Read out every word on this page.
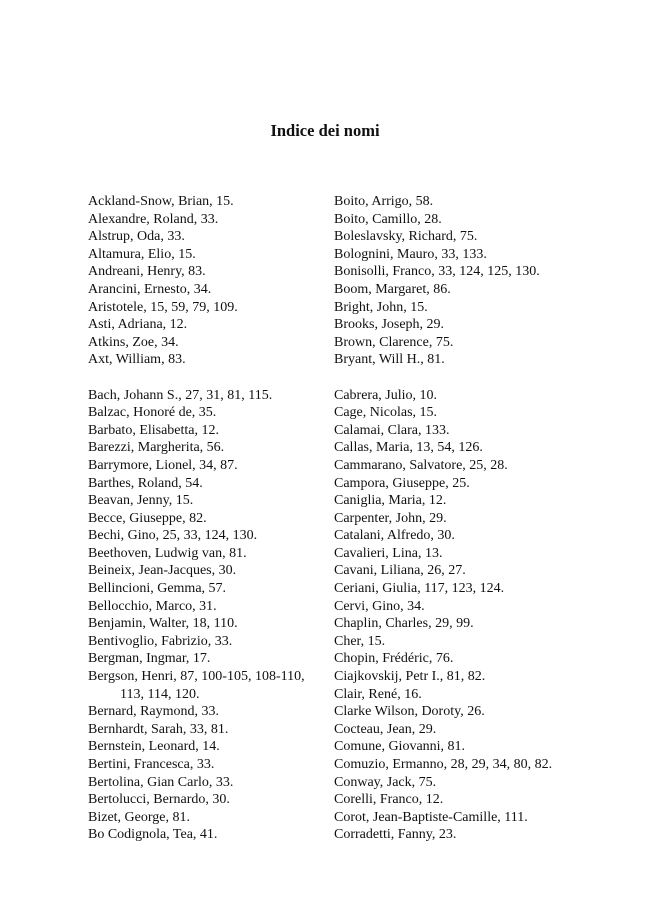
Indice dei nomi
Ackland-Snow, Brian, 15.
Alexandre, Roland, 33.
Alstrup, Oda, 33.
Altamura, Elio, 15.
Andreani, Henry, 83.
Arancini, Ernesto, 34.
Aristotele, 15, 59, 79, 109.
Asti, Adriana, 12.
Atkins, Zoe, 34.
Axt, William, 83.
Bach, Johann S., 27, 31, 81, 115.
Balzac, Honoré de, 35.
Barbato, Elisabetta, 12.
Barezzi, Margherita, 56.
Barrymore, Lionel, 34, 87.
Barthes, Roland, 54.
Beavan, Jenny, 15.
Becce, Giuseppe, 82.
Bechi, Gino, 25, 33, 124, 130.
Beethoven, Ludwig van, 81.
Beineix, Jean-Jacques, 30.
Bellincioni, Gemma, 57.
Bellocchio, Marco, 31.
Benjamin, Walter, 18, 110.
Bentivoglio, Fabrizio, 33.
Bergman, Ingmar, 17.
Bergson, Henri, 87, 100-105, 108-110,
113, 114, 120.
Bernard, Raymond, 33.
Bernhardt, Sarah, 33, 81.
Bernstein, Leonard, 14.
Bertini, Francesca, 33.
Bertolina, Gian Carlo, 33.
Bertolucci, Bernardo, 30.
Bizet, George, 81.
Bo Codignola, Tea, 41.
Boito, Arrigo, 58.
Boito, Camillo, 28.
Boleslavsky, Richard, 75.
Bolognini, Mauro, 33, 133.
Bonisolli, Franco, 33, 124, 125, 130.
Boom, Margaret, 86.
Bright, John, 15.
Brooks, Joseph, 29.
Brown, Clarence, 75.
Bryant, Will H., 81.
Cabrera, Julio, 10.
Cage, Nicolas, 15.
Calamai, Clara, 133.
Callas, Maria, 13, 54, 126.
Cammarano, Salvatore, 25, 28.
Campora, Giuseppe, 25.
Caniglia, Maria, 12.
Carpenter, John, 29.
Catalani, Alfredo, 30.
Cavalieri, Lina, 13.
Cavani, Liliana, 26, 27.
Ceriani, Giulia, 117, 123, 124.
Cervi, Gino, 34.
Chaplin, Charles, 29, 99.
Cher, 15.
Chopin, Frédéric, 76.
Ciajkovskij, Petr I., 81, 82.
Clair, René, 16.
Clarke Wilson, Doroty, 26.
Cocteau, Jean, 29.
Comune, Giovanni, 81.
Comuzio, Ermanno, 28, 29, 34, 80, 82.
Conway, Jack, 75.
Corelli, Franco, 12.
Corot, Jean-Baptiste-Camille, 111.
Corradetti, Fanny, 23.
